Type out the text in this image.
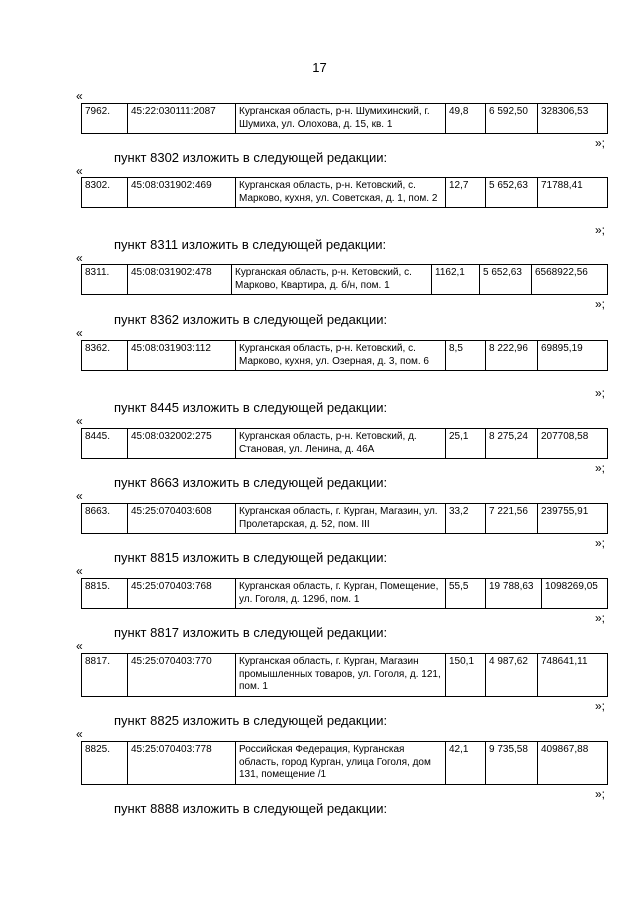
17
«
7962.	45:22:030111:2087	Курганская область, р-н. Шумихинский, г. Шумиха, ул. Олохова, д. 15, кв. 1	49,8	6 592,50	328306,53
»;
пункт 8302 изложить в следующей редакции:
«
8302.	45:08:031902:469	Курганская область, р-н. Кетовский, с. Марково, кухня, ул. Советская, д. 1, пом. 2	12,7	5 652,63	71788,41
»;
пункт 8311 изложить в следующей редакции:
«
8311.	45:08:031902:478	Курганская область, р-н. Кетовский, с. Марково, Квартира, д. б/н, пом. 1	1162,1	5 652,63	6568922,56
»;
пункт 8362 изложить в следующей редакции:
«
8362.	45:08:031903:112	Курганская область, р-н. Кетовский, с. Марково, кухня, ул. Озерная, д. 3, пом. 6	8,5	8 222,96	69895,19
»;
пункт 8445 изложить в следующей редакции:
«
8445.	45:08:032002:275	Курганская область, р-н. Кетовский, д. Становая, ул. Ленина, д. 46А	25,1	8 275,24	207708,58
»;
пункт 8663 изложить в следующей редакции:
«
8663.	45:25:070403:608	Курганская область, г. Курган, Магазин, ул. Пролетарская, д. 52, пом. III	33,2	7 221,56	239755,91
»;
пункт 8815 изложить в следующей редакции:
«
8815.	45:25:070403:768	Курганская область, г. Курган, Помещение, ул. Гоголя, д. 129б, пом. 1	55,5	19 788,63	1098269,05
»;
пункт 8817 изложить в следующей редакции:
«
8817.	45:25:070403:770	Курганская область, г. Курган, Магазин промышленных товаров, ул. Гоголя, д. 121, пом. 1	150,1	4 987,62	748641,11
»;
пункт 8825 изложить в следующей редакции:
«
8825.	45:25:070403:778	Российская Федерация, Курганская область, город Курган, улица Гоголя, дом 131, помещение /1	42,1	9 735,58	409867,88
»;
пункт 8888 изложить в следующей редакции:
